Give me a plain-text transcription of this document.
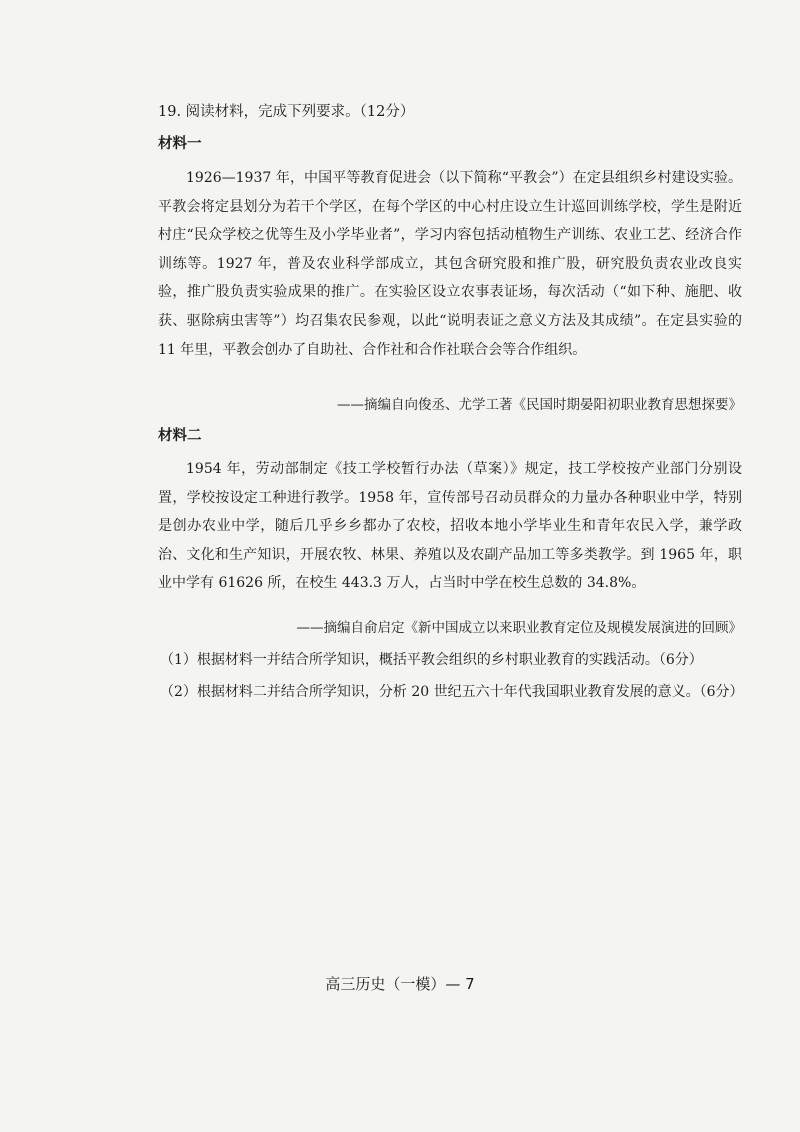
19. 阅读材料，完成下列要求。（12分）
材料一
1926—1937 年，中国平等教育促进会（以下简称“平教会”）在定县组织乡村建设实验。平教会将定县划分为若干个学区，在每个学区的中心村庄设立生计巡回训练学校，学生是附近村庄“民众学校之优等生及小学毕业者”，学习内容包括动植物生产训练、农业工艺、经济合作训练等。1927 年，普及农业科学部成立，其包含研究股和推广股，研究股负责农业改良实验，推广股负责实验成果的推广。在实验区设立农事表证场，每次活动（“如下种、施肥、收获、驱除病虫害等”）均召集农民参观，以此“说明表证之意义方法及其成绩”。在定县实验的 11 年里，平教会创办了自助社、合作社和合作社联合会等合作组织。
——摘编自向俊丞、尤学工著《民国时期晏阳初职业教育思想探要》
材料二
1954 年，劳动部制定《技工学校暂行办法（草案）》规定，技工学校按产业部门分别设置，学校按设定工种进行教学。1958 年，宣传部号召动员群众的力量办各种职业中学，特别是创办农业中学，随后几乎乡乡都办了农校，招收本地小学毕业生和青年农民入学，兼学政治、文化和生产知识，开展农牧、林果、养殖以及农副产品加工等多类教学。到 1965 年，职业中学有 61626 所，在校生 443.3 万人，占当时中学在校生总数的 34.8%。
——摘编自俞启定《新中国成立以来职业教育定位及规模发展演进的回顾》
（1）根据材料一并结合所学知识，概括平教会组织的乡村职业教育的实践活动。（6分）
（2）根据材料二并结合所学知识，分析 20 世纪五六十年代我国职业教育发展的意义。（6分）
高三历史（一模）— 7
